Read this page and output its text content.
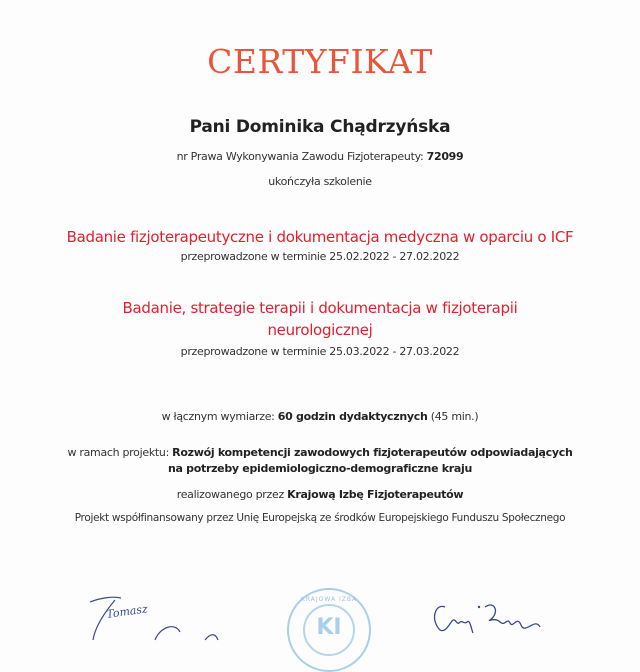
CERTYFIKAT
Pani Dominika Chądrzyńska
nr Prawa Wykonywania Zawodu Fizjoterapeuty: 72099
ukończyła szkolenie
Badanie fizjoterapeutyczne i dokumentacja medyczna w oparciu o ICF
przeprowadzone w terminie 25.02.2022 - 27.02.2022
Badanie, strategie terapii i dokumentacja w fizjoterapii
neurologicznej
przeprowadzone w terminie 25.03.2022 - 27.03.2022
w łącznym wymiarze: 60 godzin dydaktycznych (45 min.)
w ramach projektu: Rozwój kompetencji zawodowych fizjoterapeutów odpowiadających
na potrzeby epidemiologiczno-demograficzne kraju
realizowanego przez Krajową Izbę Fizjoterapeutów
Projekt współfinansowany przez Unię Europejską ze środków Europejskiego Funduszu Społecznego
Tomasz
KRAJOWA IZBA
KI
